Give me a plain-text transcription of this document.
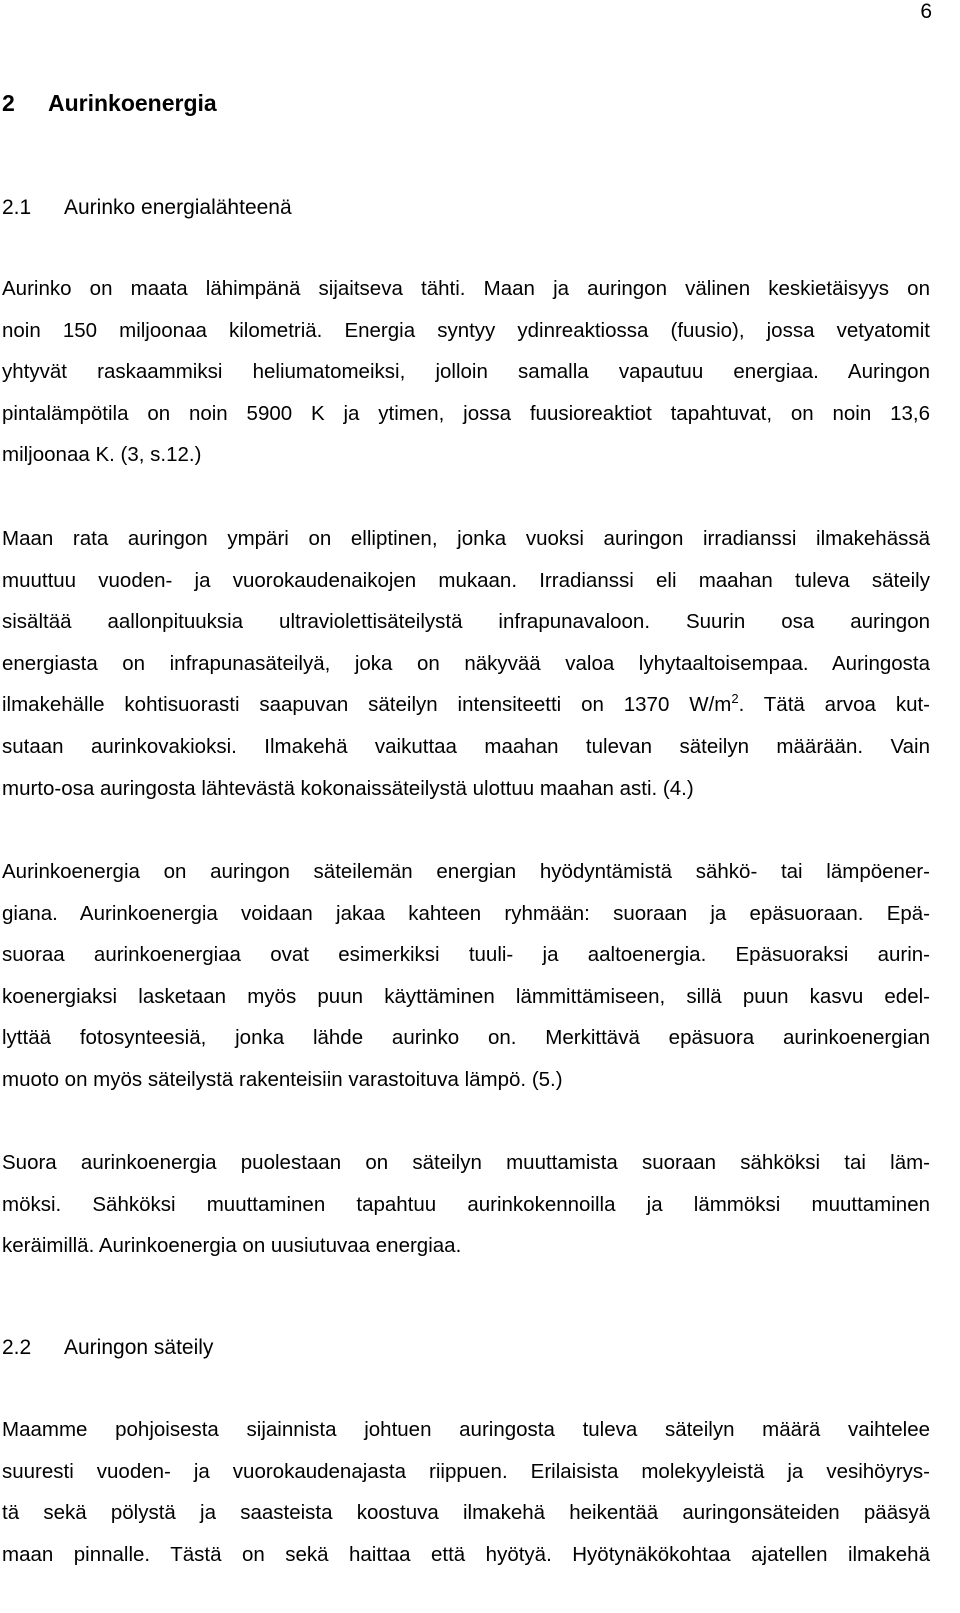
6
2 Aurinkoenergia
2.1 Aurinko energialähteenä

Aurinko on maata lähimpänä sijaitseva tähti. Maan ja auringon välinen keskietäisyys on
noin 150 miljoonaa kilometriä. Energia syntyy ydinreaktiossa (fuusio), jossa vetyatomit
yhtyvät raskaammiksi heliumatomeiksi, jolloin samalla vapautuu energiaa. Auringon
pintalämpötila on noin 5900 K ja ytimen, jossa fuusioreaktiot tapahtuvat, on noin 13,6
miljoonaa K. (3, s.12.)

Maan rata auringon ympäri on elliptinen, jonka vuoksi auringon irradianssi ilmakehässä
muuttuu vuoden- ja vuorokaudenaikojen mukaan. Irradianssi eli maahan tuleva säteily
sisältää aallonpituuksia ultraviolettisäteilystä infrapunavaloon. Suurin osa auringon
energiasta on infrapunasäteilyä, joka on näkyvää valoa lyhytaaltoisempaa. Auringosta
ilmakehälle kohtisuorasti saapuvan säteilyn intensiteetti on 1370 $W/m^2$. Tätä arvoa kut-
sutaan aurinkovakioksi. Ilmakehä vaikuttaa maahan tulevan säteilyn määrään. Vain
murto-osa auringosta lähtevästä kokonaissäteilystä ulottuu maahan asti. (4.)

Aurinkoenergia on auringon säteilemän energian hyödyntämistä sähkö- tai lämpöener-
giana. Aurinkoenergia voidaan jakaa kahteen ryhmään: suoraan ja epäsuoraan. Epä-
suoraa aurinkoenergiaa ovat esimerkiksi tuuli- ja aaltoenergia. Epäsuoraksi aurin-
koenergiaksi lasketaan myös puun käyttäminen lämmittämiseen, sillä puun kasvu edel-
lyttää fotosynteesiä, jonka lähde aurinko on. Merkittävä epäsuora aurinkoenergian
muoto on myös säteilystä rakenteisiin varastoituva lämpö. (5.)

Suora aurinkoenergia puolestaan on säteilyn muuttamista suoraan sähköksi tai läm-
möksi. Sähköksi muuttaminen tapahtuu aurinkokennoilla ja lämmöksi muuttaminen
keräimillä. Aurinkoenergia on uusiutuvaa energiaa.

2.2 Auringon säteily

Maamme pohjoisesta sijainnista johtuen auringosta tuleva säteilyn määrä vaihtelee
suuresti vuoden- ja vuorokaudenajasta riippuen. Erilaisista molekyyleistä ja vesihöyrys-
tä sekä pölystä ja saasteista koostuva ilmakehä heikentää auringonsäteiden pääsyä
maan pinnalle. Tästä on sekä haittaa että hyötyä. Hyötynäkökohtaa ajatellen ilmakehä
